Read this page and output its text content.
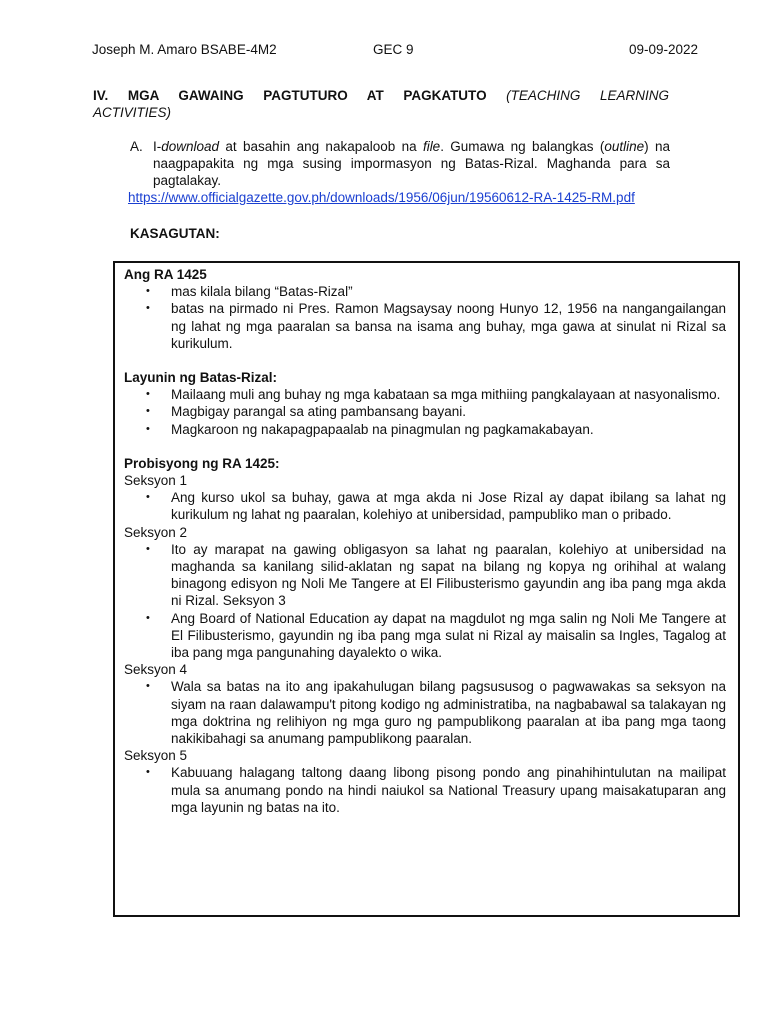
Joseph M. Amaro BSABE-4M2	GEC 9	09-09-2022
IV. MGA GAWAING PAGTUTURO AT PAGKATUTO (TEACHING LEARNING
ACTIVITIES)
A. I-download at basahin ang nakapaloob na file. Gumawa ng balangkas (outline) na naagpapakita ng mga susing impormasyon ng Batas-Rizal. Maghanda para sa pagtalakay.
https://www.officialgazette.gov.ph/downloads/1956/06jun/19560612-RA-1425-RM.pdf
KASAGUTAN:
Ang RA 1425
• mas kilala bilang “Batas-Rizal”
• batas na pirmado ni Pres. Ramon Magsaysay noong Hunyo 12, 1956 na nangangailangan ng lahat ng mga paaralan sa bansa na isama ang buhay, mga gawa at sinulat ni Rizal sa kurikulum.
Layunin ng Batas-Rizal:
• Mailaang muli ang buhay ng mga kabataan sa mga mithiing pangkalayaan at nasyonalismo.
• Magbigay parangal sa ating pambansang bayani.
• Magkaroon ng nakapagpapaalab na pinagmulan ng pagkamakabayan.
Probisyong ng RA 1425:
Seksyon 1
• Ang kurso ukol sa buhay, gawa at mga akda ni Jose Rizal ay dapat ibilang sa lahat ng kurikulum ng lahat ng paaralan, kolehiyo at unibersidad, pampubliko man o pribado.
Seksyon 2
• Ito ay marapat na gawing obligasyon sa lahat ng paaralan, kolehiyo at unibersidad na maghanda sa kanilang silid-aklatan ng sapat na bilang ng kopya ng orihihal at walang binagong edisyon ng Noli Me Tangere at El Filibusterismo gayundin ang iba pang mga akda ni Rizal. Seksyon 3
• Ang Board of National Education ay dapat na magdulot ng mga salin ng Noli Me Tangere at El Filibusterismo, gayundin ng iba pang mga sulat ni Rizal ay maisalin sa Ingles, Tagalog at iba pang mga pangunahing dayalekto o wika.
Seksyon 4
• Wala sa batas na ito ang ipakahulugan bilang pagsususog o pagwawakas sa seksyon na siyam na raan dalawampu't pitong kodigo ng administratiba, na nagbabawal sa talakayan ng mga doktrina ng relihiyon ng mga guro ng pampublikong paaralan at iba pang mga taong nakikibahagi sa anumang pampublikong paaralan.
Seksyon 5
• Kabuuang halagang taltong daang libong pisong pondo ang pinahihintulutan na mailipat mula sa anumang pondo na hindi naiukol sa National Treasury upang maisakatuparan ang mga layunin ng batas na ito.
